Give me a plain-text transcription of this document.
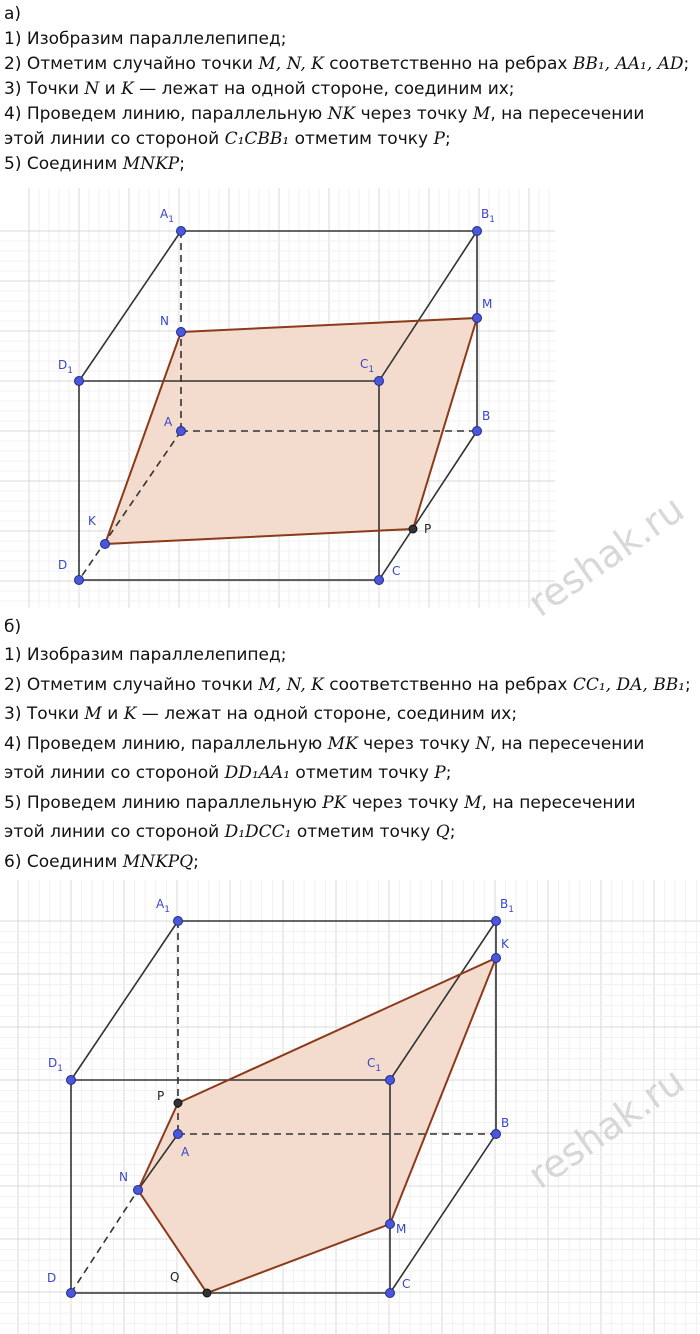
а)
1) Изобразим параллелепипед;
2) Отметим случайно точки M, N, K соответственно на ребрах BB₁, AA₁, AD;
3) Точки N и K — лежат на одной стороне, соединим их;
4) Проведем линию, параллельную NK через точку M, на пересечении
этой линии со стороной C₁CBB₁ отметим точку P;
5) Соединим MNKP;
$A_1$	$B_1$
M
N
$D_1$	$C_1$
A	B
K
P
D	C	reshak.ru
б)
1) Изобразим параллелепипед;
2) Отметим случайно точки M, N, K соответственно на ребрах CC₁, DA, BB₁;
3) Точки M и K — лежат на одной стороне, соединим их;
4) Проведем линию, параллельную MK через точку N, на пересечении
этой линии со стороной DD₁AA₁ отметим точку P;
5) Проведем линию параллельную PK через точку M, на пересечении
этой линии со стороной D₁DCC₁ отметим точку Q;
6) Соединим MNKPQ;
$A_1$	$B_1$
K
$D_1$	$C_1$
P
A
B
N
M
D	Q	C
reshak.ru
